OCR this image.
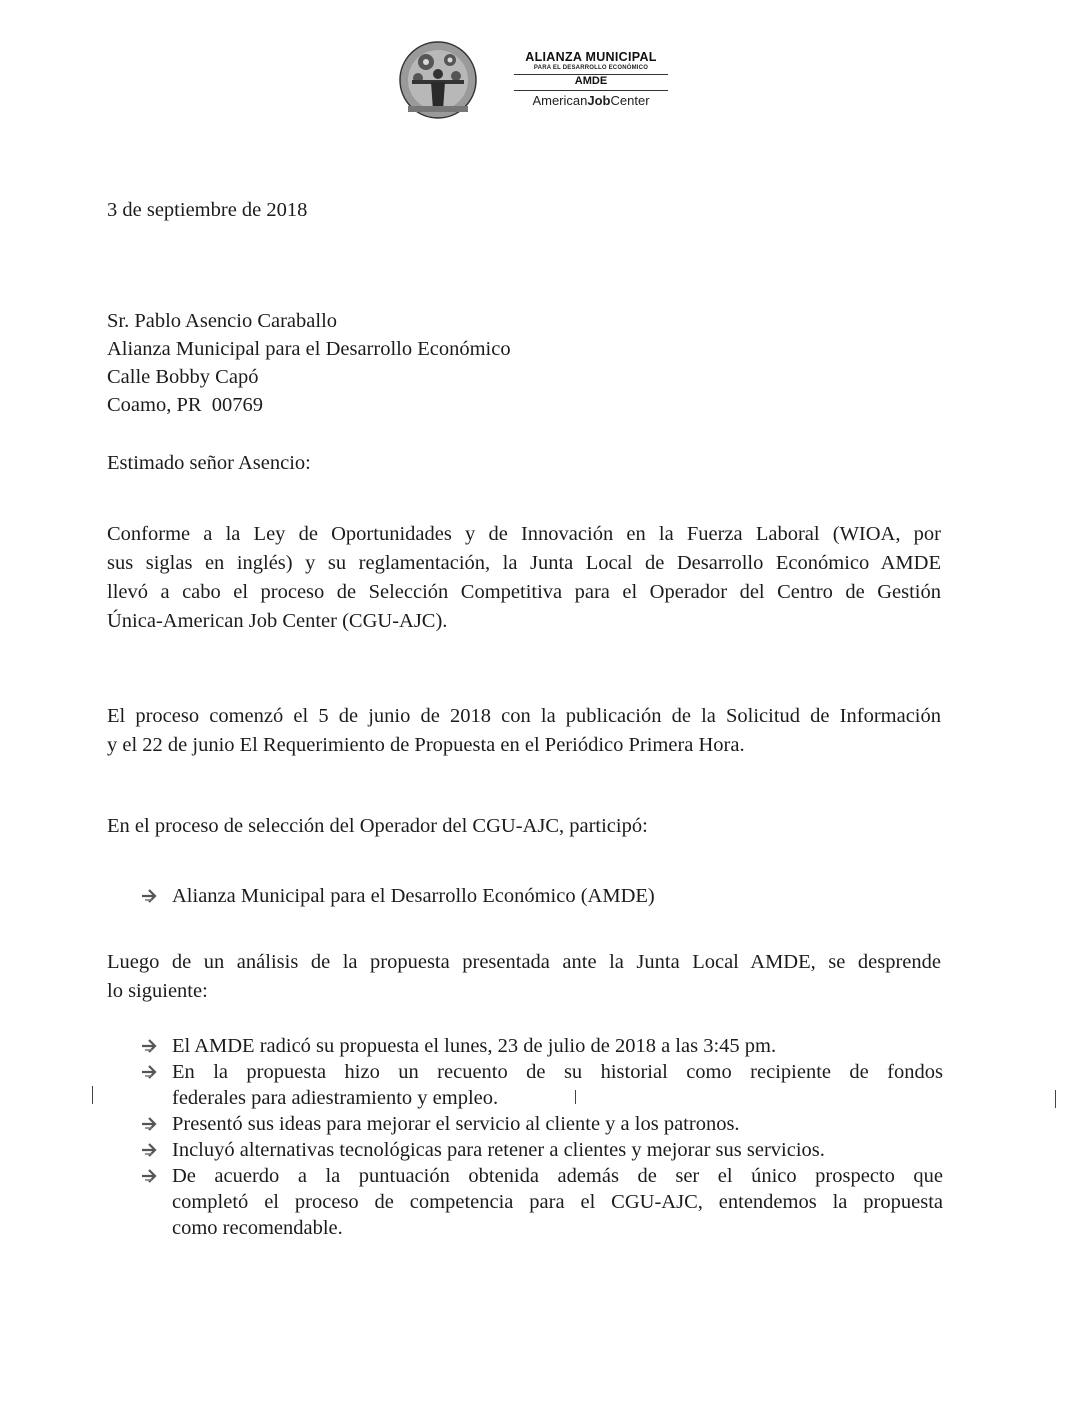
ALIANZA MUNICIPAL
PARA EL DESARROLLO ECONÓMICO
AMDE
AmericanJobCenter
3 de septiembre de 2018
Sr. Pablo Asencio Caraballo
Alianza Municipal para el Desarrollo Económico
Calle Bobby Capó
Coamo, PR  00769
Estimado señor Asencio:
Conforme a la Ley de Oportunidades y de Innovación en la Fuerza Laboral (WIOA, por
sus siglas en inglés) y su reglamentación, la Junta Local de Desarrollo Económico AMDE
llevó a cabo el proceso de Selección Competitiva para el Operador del Centro de Gestión
Única-American Job Center (CGU-AJC).
El proceso comenzó el 5 de junio de 2018 con la publicación de la Solicitud de Información
y el 22 de junio El Requerimiento de Propuesta en el Periódico Primera Hora.
En el proceso de selección del Operador del CGU-AJC, participó:
Alianza Municipal para el Desarrollo Económico (AMDE)
Luego de un análisis de la propuesta presentada ante la Junta Local AMDE, se desprende
lo siguiente:
El AMDE radicó su propuesta el lunes, 23 de julio de 2018 a las 3:45 pm.
En la propuesta hizo un recuento de su historial como recipiente de fondos
federales para adiestramiento y empleo.
Presentó sus ideas para mejorar el servicio al cliente y a los patronos.
Incluyó alternativas tecnológicas para retener a clientes y mejorar sus servicios.
De acuerdo a la puntuación obtenida además de ser el único prospecto que
completó el proceso de competencia para el CGU-AJC, entendemos la propuesta
como recomendable.
